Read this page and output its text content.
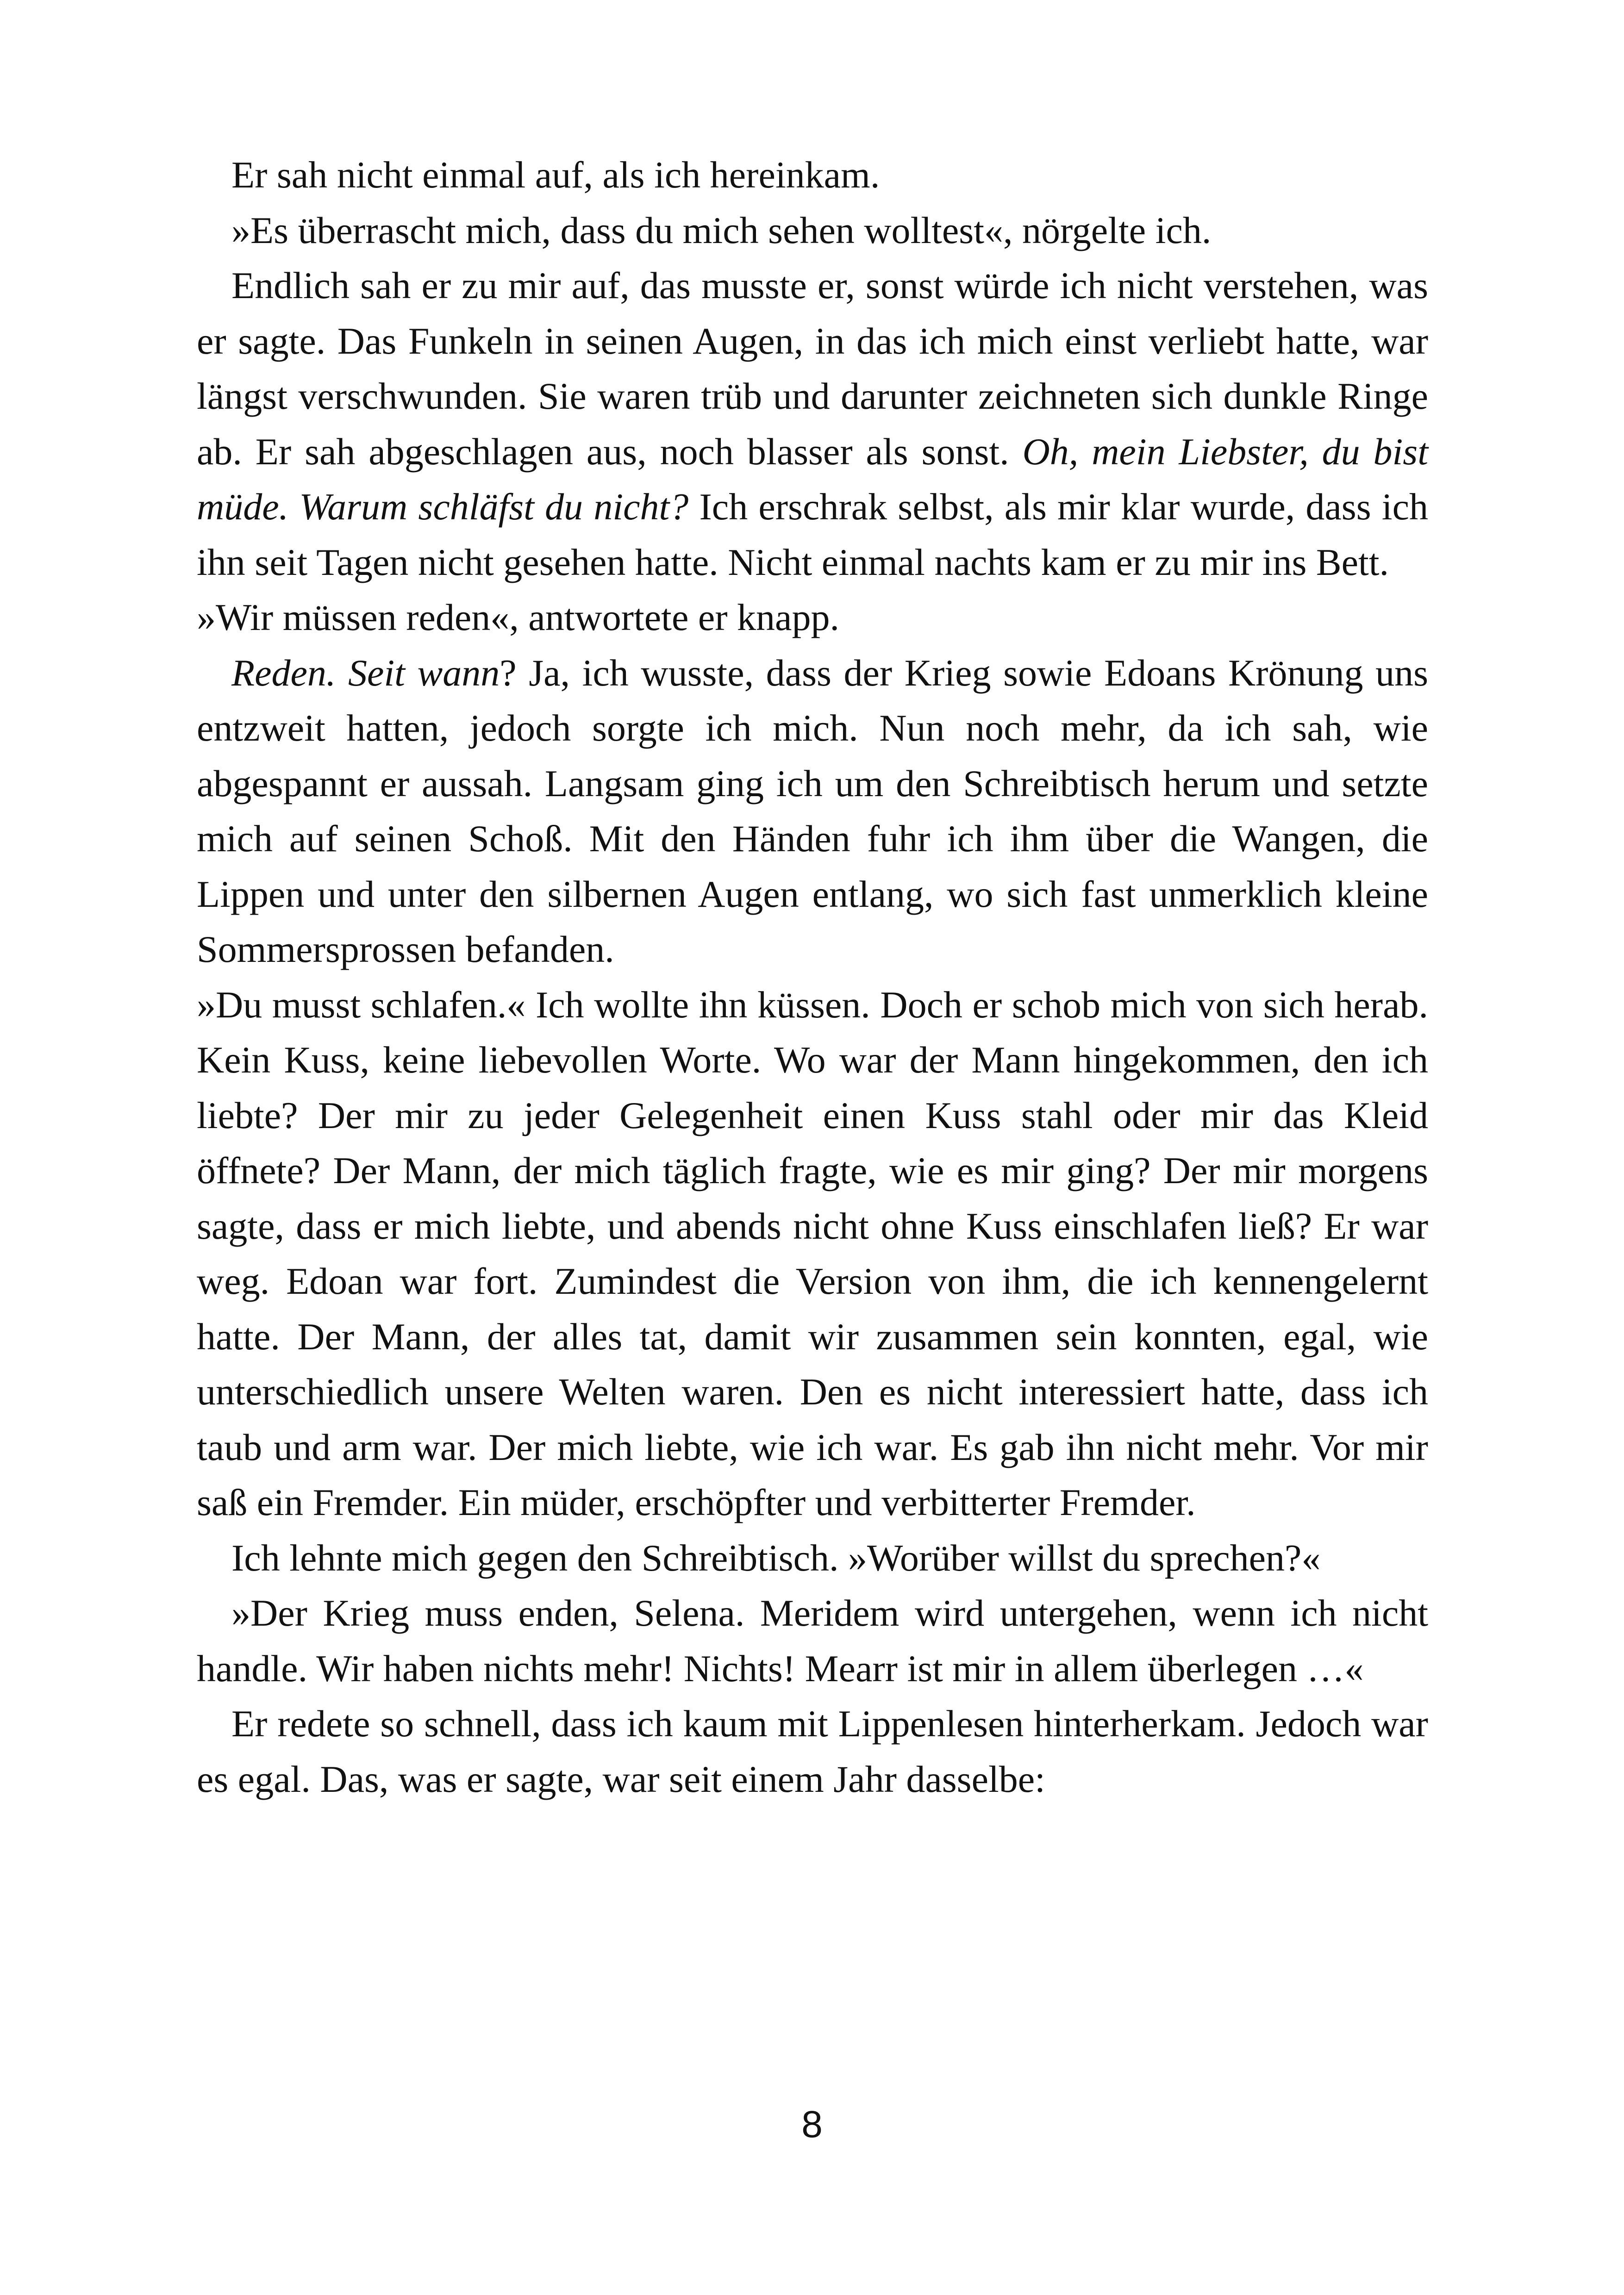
Er sah nicht einmal auf, als ich hereinkam.

»Es überrascht mich, dass du mich sehen wolltest«, nörgelte ich.

Endlich sah er zu mir auf, das musste er, sonst würde ich nicht verstehen, was er sagte. Das Funkeln in seinen Augen, in das ich mich einst verliebt hatte, war längst verschwunden. Sie waren trüb und darunter zeichneten sich dunkle Ringe ab. Er sah abgeschlagen aus, noch blasser als sonst. Oh, mein Liebster, du bist müde. Warum schläfst du nicht? Ich erschrak selbst, als mir klar wurde, dass ich ihn seit Tagen nicht gesehen hatte. Nicht einmal nachts kam er zu mir ins Bett.

»Wir müssen reden«, antwortete er knapp.

Reden. Seit wann? Ja, ich wusste, dass der Krieg sowie Edoans Krönung uns entzweit hatten, jedoch sorgte ich mich. Nun noch mehr, da ich sah, wie abgespannt er aussah. Langsam ging ich um den Schreibtisch herum und setzte mich auf seinen Schoß. Mit den Händen fuhr ich ihm über die Wangen, die Lippen und unter den silbernen Augen entlang, wo sich fast unmerklich kleine Sommersprossen befanden.

»Du musst schlafen.« Ich wollte ihn küssen. Doch er schob mich von sich herab. Kein Kuss, keine liebevollen Worte. Wo war der Mann hingekommen, den ich liebte? Der mir zu jeder Gelegenheit einen Kuss stahl oder mir das Kleid öffnete? Der Mann, der mich täglich fragte, wie es mir ging? Der mir morgens sagte, dass er mich liebte, und abends nicht ohne Kuss einschlafen ließ? Er war weg. Edoan war fort. Zumindest die Version von ihm, die ich kennengelernt hatte. Der Mann, der alles tat, damit wir zusammen sein konnten, egal, wie unterschiedlich unsere Welten waren. Den es nicht interessiert hatte, dass ich taub und arm war. Der mich liebte, wie ich war. Es gab ihn nicht mehr. Vor mir saß ein Fremder. Ein müder, erschöpfter und verbitterter Fremder.

Ich lehnte mich gegen den Schreibtisch. »Worüber willst du sprechen?«

»Der Krieg muss enden, Selena. Meridem wird untergehen, wenn ich nicht handle. Wir haben nichts mehr! Nichts! Mearr ist mir in allem überlegen …«

Er redete so schnell, dass ich kaum mit Lippenlesen hinterherkam. Jedoch war es egal. Das, was er sagte, war seit einem Jahr dasselbe:

8
